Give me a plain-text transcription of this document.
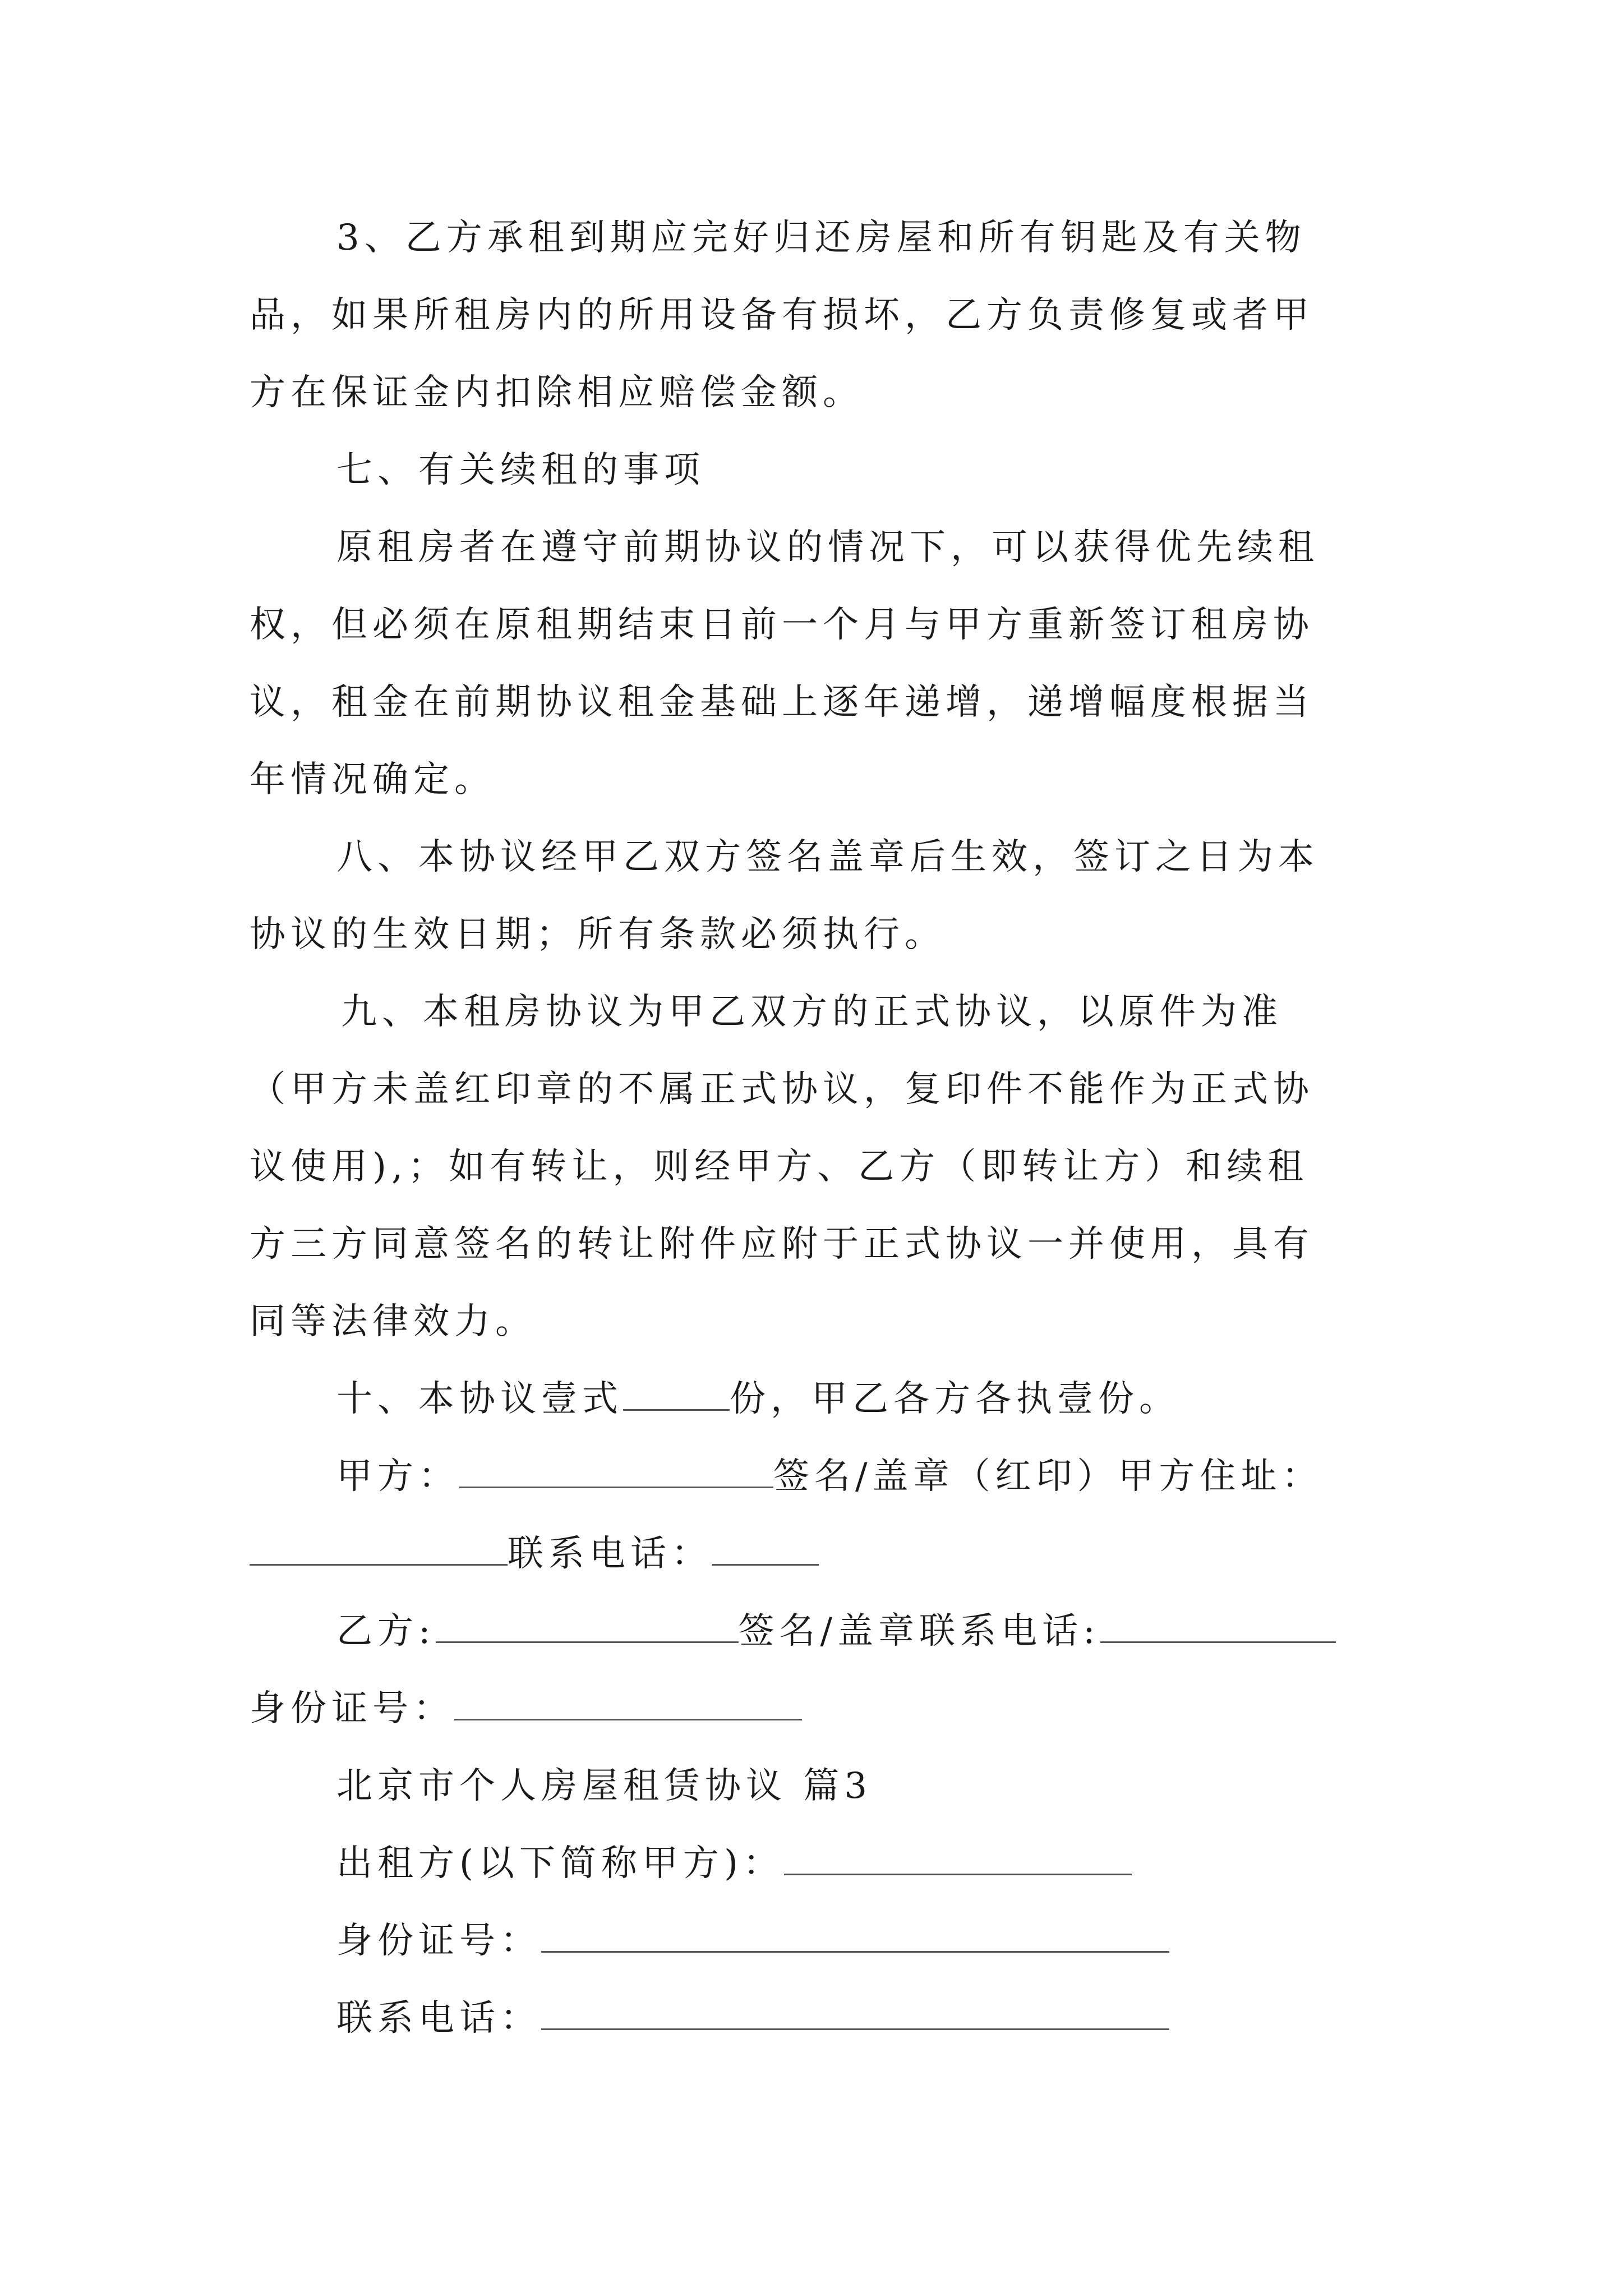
3、乙方承租到期应完好归还房屋和所有钥匙及有关物
品，如果所租房内的所用设备有损坏，乙方负责修复或者甲
方在保证金内扣除相应赔偿金额。
七、有关续租的事项
原租房者在遵守前期协议的情况下，可以获得优先续租
权，但必须在原租期结束日前一个月与甲方重新签订租房协
议，租金在前期协议租金基础上逐年递增，递增幅度根据当
年情况确定。
八、本协议经甲乙双方签名盖章后生效，签订之日为本
协议的生效日期；所有条款必须执行。
九、本租房协议为甲乙双方的正式协议，以原件为准
（甲方未盖红印章的不属正式协议，复印件不能作为正式协
议使用),；如有转让，则经甲方、乙方（即转让方）和续租
方三方同意签名的转让附件应附于正式协议一并使用，具有
同等法律效力。
十、本协议壹式	份，甲乙各方各执壹份。
甲方：	签名/盖章（红印）甲方住址：
联系电话：
乙方:	签名/盖章联系电话:
身份证号：
北京市个人房屋租赁协议 篇3
出租方(以下简称甲方)：
身份证号：
联系电话：
